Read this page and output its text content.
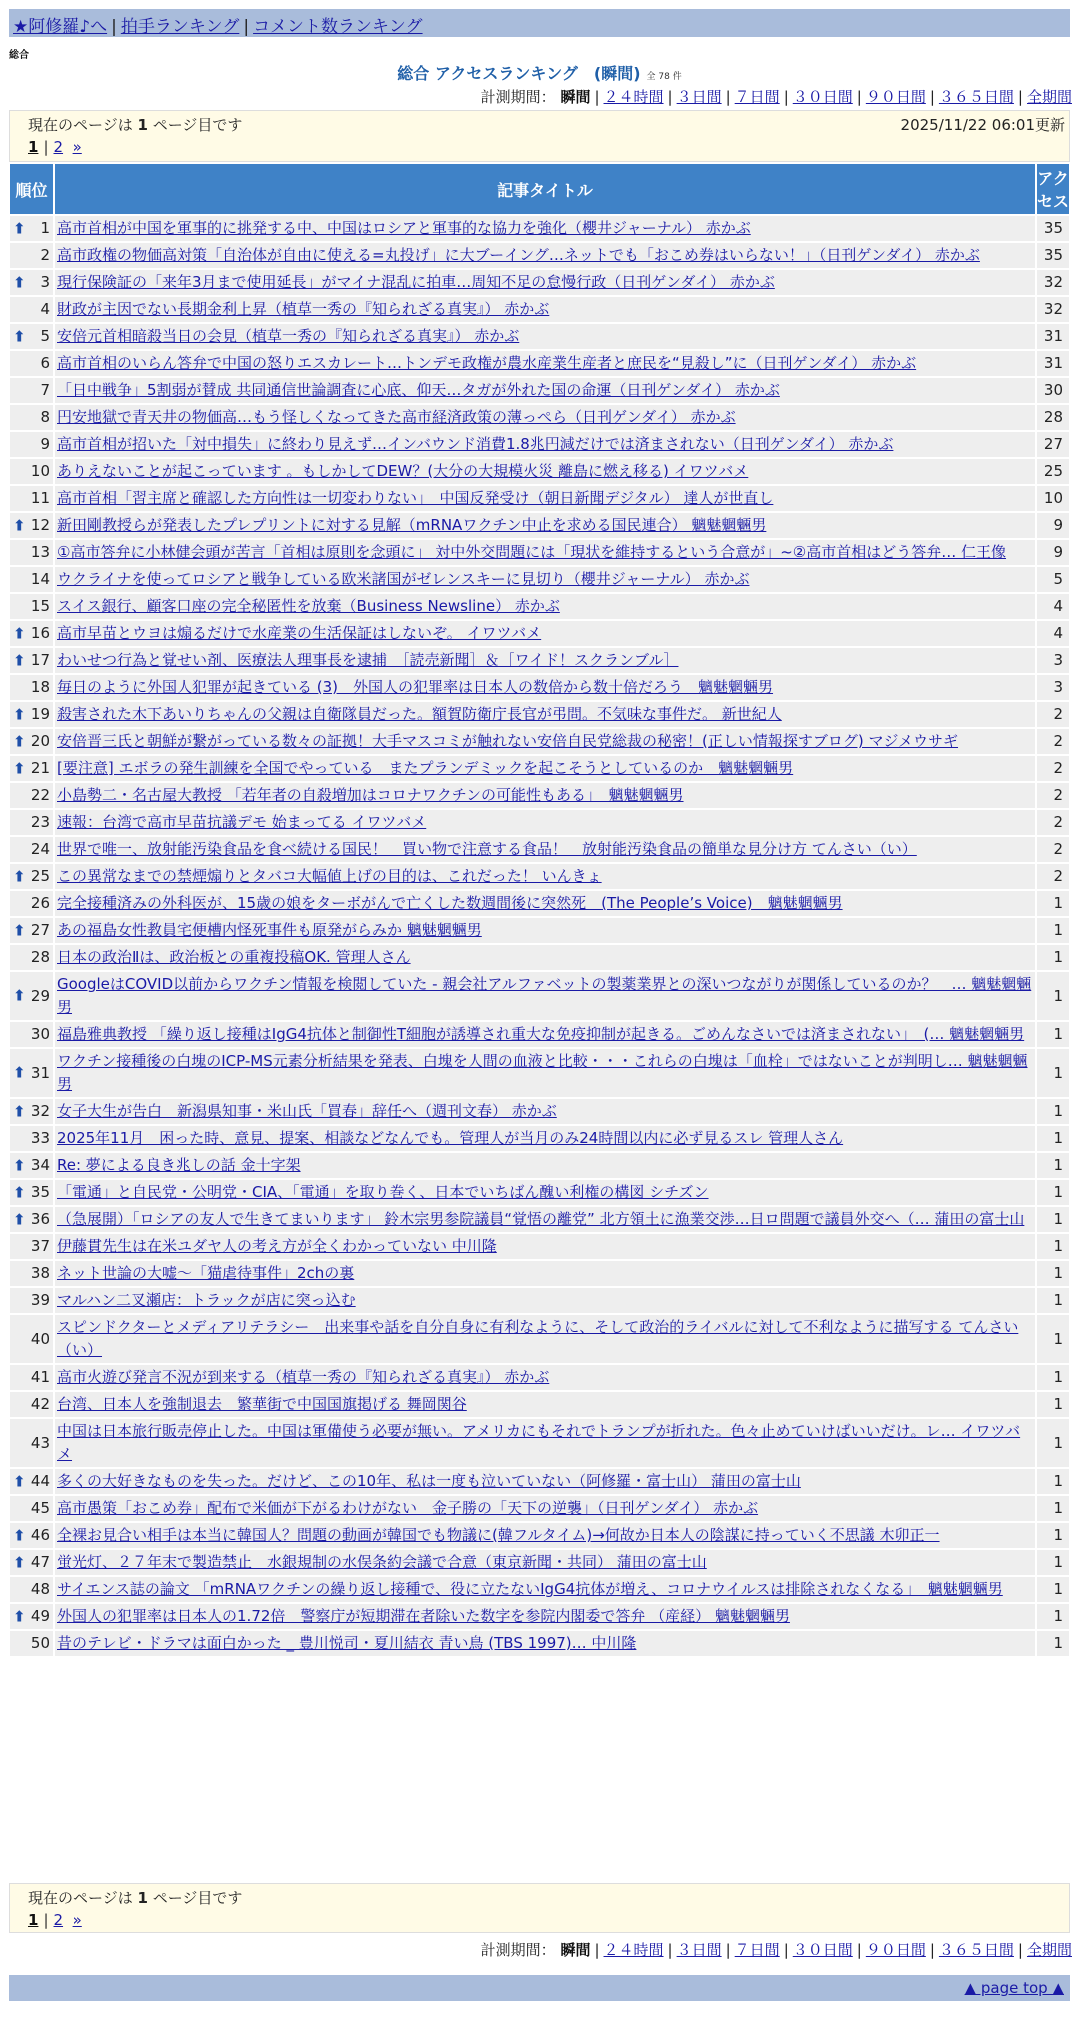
★阿修羅♪へ | 拍手ランキング | コメント数ランキング
総合
総合 アクセスランキング　(瞬間) 全 78 件
計測期間： 瞬間 | ２４時間 | ３日間 | ７日間 | ３０日間 | ９０日間 | ３６５日間 | 全期間
現在のページは 1 ページ目です	2025/11/22 06:01更新
1 | 2 »
順位	記事タイトル	アクセス

⬆ 1	高市首相が中国を軍事的に挑発する中、中国はロシアと軍事的な協力を強化（櫻井ジャーナル） 赤かぶ	35
2	高市政権の物価高対策「自治体が自由に使える=丸投げ」に大ブーイング…ネットでも「おこめ券はいらない！」（日刊ゲンダイ） 赤かぶ	35

⬆ 3	現行保険証の「来年3月まで使用延長」がマイナ混乱に拍車…周知不足の怠慢行政（日刊ゲンダイ） 赤かぶ	32
4	財政が主因でない長期金利上昇（植草一秀の『知られざる真実』） 赤かぶ	32

⬆ 5	安倍元首相暗殺当日の会見（植草一秀の『知られざる真実』） 赤かぶ	31
6	高市首相のいらん答弁で中国の怒りエスカレート…トンデモ政権が農水産業生産者と庶民を“見殺し”に（日刊ゲンダイ） 赤かぶ	31
7	「日中戦争」5割弱が賛成 共同通信世論調査に心底、仰天…タガが外れた国の命運（日刊ゲンダイ） 赤かぶ	30
8	円安地獄で青天井の物価高…もう怪しくなってきた高市経済政策の薄っぺら（日刊ゲンダイ） 赤かぶ	28
9	高市首相が招いた「対中損失」に終わり見えず…インバウンド消費1.8兆円減だけでは済まされない（日刊ゲンダイ） 赤かぶ	27
10	ありえないことが起こっています 。もしかしてDEW？(大分の大規模火災 離島に燃え移る) イワツバメ	25
11	高市首相「習主席と確認した方向性は一切変わりない」　中国反発受け（朝日新聞デジタル） 達人が世直し	10

⬆ 12	新田剛教授らが発表したプレプリントに対する見解（mRNAワクチン中止を求める国民連合） 魑魅魍魎男	9
13	①高市答弁に小林健会頭が苦言「首相は原則を念頭に」 対中外交問題には「現状を維持するという合意が」~②高市首相はどう答弁… 仁王像	9
14	ウクライナを使ってロシアと戦争している欧米諸国がゼレンスキーに見切り（櫻井ジャーナル） 赤かぶ	5
15	スイス銀行、顧客口座の完全秘匿性を放棄（Business Newsline） 赤かぶ	4

⬆ 16	高市早苗とウヨは煽るだけで水産業の生活保証はしないぞ。 イワツバメ	4

⬆ 17	わいせつ行為と覚せい剤、医療法人理事長を逮捕　［読売新聞］＆［ワイド！スクランブル］	3
18	毎日のように外国人犯罪が起きている (3)　外国人の犯罪率は日本人の数倍から数十倍だろう　魑魅魍魎男	3

⬆ 19	殺害された木下あいりちゃんの父親は自衛隊員だった。額賀防衛庁長官が弔問。不気味な事件だ。 新世紀人	2

⬆ 20	安倍晋三氏と朝鮮が繋がっている数々の証拠！大手マスコミが触れない安倍自民党総裁の秘密！(正しい情報探すブログ) マジメウサギ	2

⬆ 21	[要注意] エボラの発生訓練を全国でやっている　またプランデミックを起こそうとしているのか　魑魅魍魎男	2
22	小島勢二・名古屋大教授 「若年者の自殺増加はコロナワクチンの可能性もある」　魑魅魍魎男	2
23	速報：台湾で高市早苗抗議デモ 始まってる イワツバメ	2
24	世界で唯一、放射能汚染食品を食べ続ける国民！　買い物で注意する食品！　放射能汚染食品の簡単な見分け方 てんさい（い）	2

⬆ 25	この異常なまでの禁煙煽りとタバコ大幅値上げの目的は、これだった！ いんきょ	2
26	完全接種済みの外科医が、15歳の娘をターボがんで亡くした数週間後に突然死　(The People’s Voice)　魑魅魍魎男	1

⬆ 27	あの福島女性教員宅便槽内怪死事件も原発がらみか 魑魅魍魎男	1
28	日本の政治Ⅱは、政治板との重複投稿OK. 管理人さん	1

⬆ 29	GoogleはCOVID以前からワクチン情報を検閲していた - 親会社アルファベットの製薬業界との深いつながりが関係しているのか？　… 魑魅魍魎男	1
30	福島雅典教授 「繰り返し接種はIgG4抗体と制御性T細胞が誘導され重大な免疫抑制が起きる。ごめんなさいでは済まされない」　(… 魑魅魍魎男	1

⬆ 31	ワクチン接種後の白塊のICP-MS元素分析結果を発表、白塊を人間の血液と比較・・・これらの白塊は「血栓」ではないことが判明し… 魑魅魍魎男	1

⬆ 32	女子大生が告白　新潟県知事・米山氏「買春」辞任へ（週刊文春） 赤かぶ	1
33	2025年11月　困った時、意見、提案、相談などなんでも。管理人が当月のみ24時間以内に必ず見るスレ 管理人さん	1

⬆ 34	Re: 夢による良き兆しの話 金十字架	1

⬆ 35	「電通」と自民党・公明党・CIA、「電通」を取り巻く、日本でいちばん醜い利権の構図 シチズン	1

⬆ 36	（急展開）「ロシアの友人で生きてまいります」 鈴木宗男参院議員“覚悟の離党” 北方領土に漁業交渉…日ロ問題で議員外交へ（… 蒲田の富士山	1
37	伊藤貫先生は在米ユダヤ人の考え方が全くわかっていない 中川隆	1
38	ネット世論の大嘘～「猫虐待事件」2chの裏	1
39	マルハン二叉瀬店：トラックが店に突っ込む	1
40	スピンドクターとメディアリテラシー　出来事や話を自分自身に有利なように、そして政治的ライバルに対して不利なように描写する てんさい（い）	1
41	高市火遊び発言不況が到来する（植草一秀の『知られざる真実』） 赤かぶ	1
42	台湾、日本人を強制退去　繁華街で中国国旗掲げる 舞岡関谷	1
43	中国は日本旅行販売停止した。中国は軍備使う必要が無い。アメリカにもそれでトランプが折れた。色々止めていけばいいだけ。レ… イワツバメ	1

⬆ 44	多くの大好きなものを失った。だけど、この10年、私は一度も泣いていない（阿修羅・富士山） 蒲田の富士山	1
45	高市愚策「おこめ券」配布で米価が下がるわけがない　金子勝の「天下の逆襲」（日刊ゲンダイ） 赤かぶ	1

⬆ 46	全裸お見合い相手は本当に韓国人？問題の動画が韓国でも物議に(韓フルタイム)→何故か日本人の陰謀に持っていく不思議 木卯正一	1

⬆ 47	蛍光灯、２７年末で製造禁止　水銀規制の水俣条約会議で合意（東京新聞・共同） 蒲田の富士山	1
48	サイエンス誌の論文 「mRNAワクチンの繰り返し接種で、役に立たないIgG4抗体が増え、コロナウイルスは排除されなくなる」　魑魅魍魎男	1

⬆ 49	外国人の犯罪率は日本人の1.72倍　警察庁が短期滞在者除いた数字を参院内閣委で答弁 （産経） 魑魅魍魎男	1
50	昔のテレビ・ドラマは面白かった _ 豊川悦司・夏川結衣 青い鳥 (TBS 1997)… 中川隆	1
現在のページは 1 ページ目です
1 | 2 »
計測期間： 瞬間 | ２４時間 | ３日間 | ７日間 | ３０日間 | ９０日間 | ３６５日間 | 全期間
▲ page top ▲
